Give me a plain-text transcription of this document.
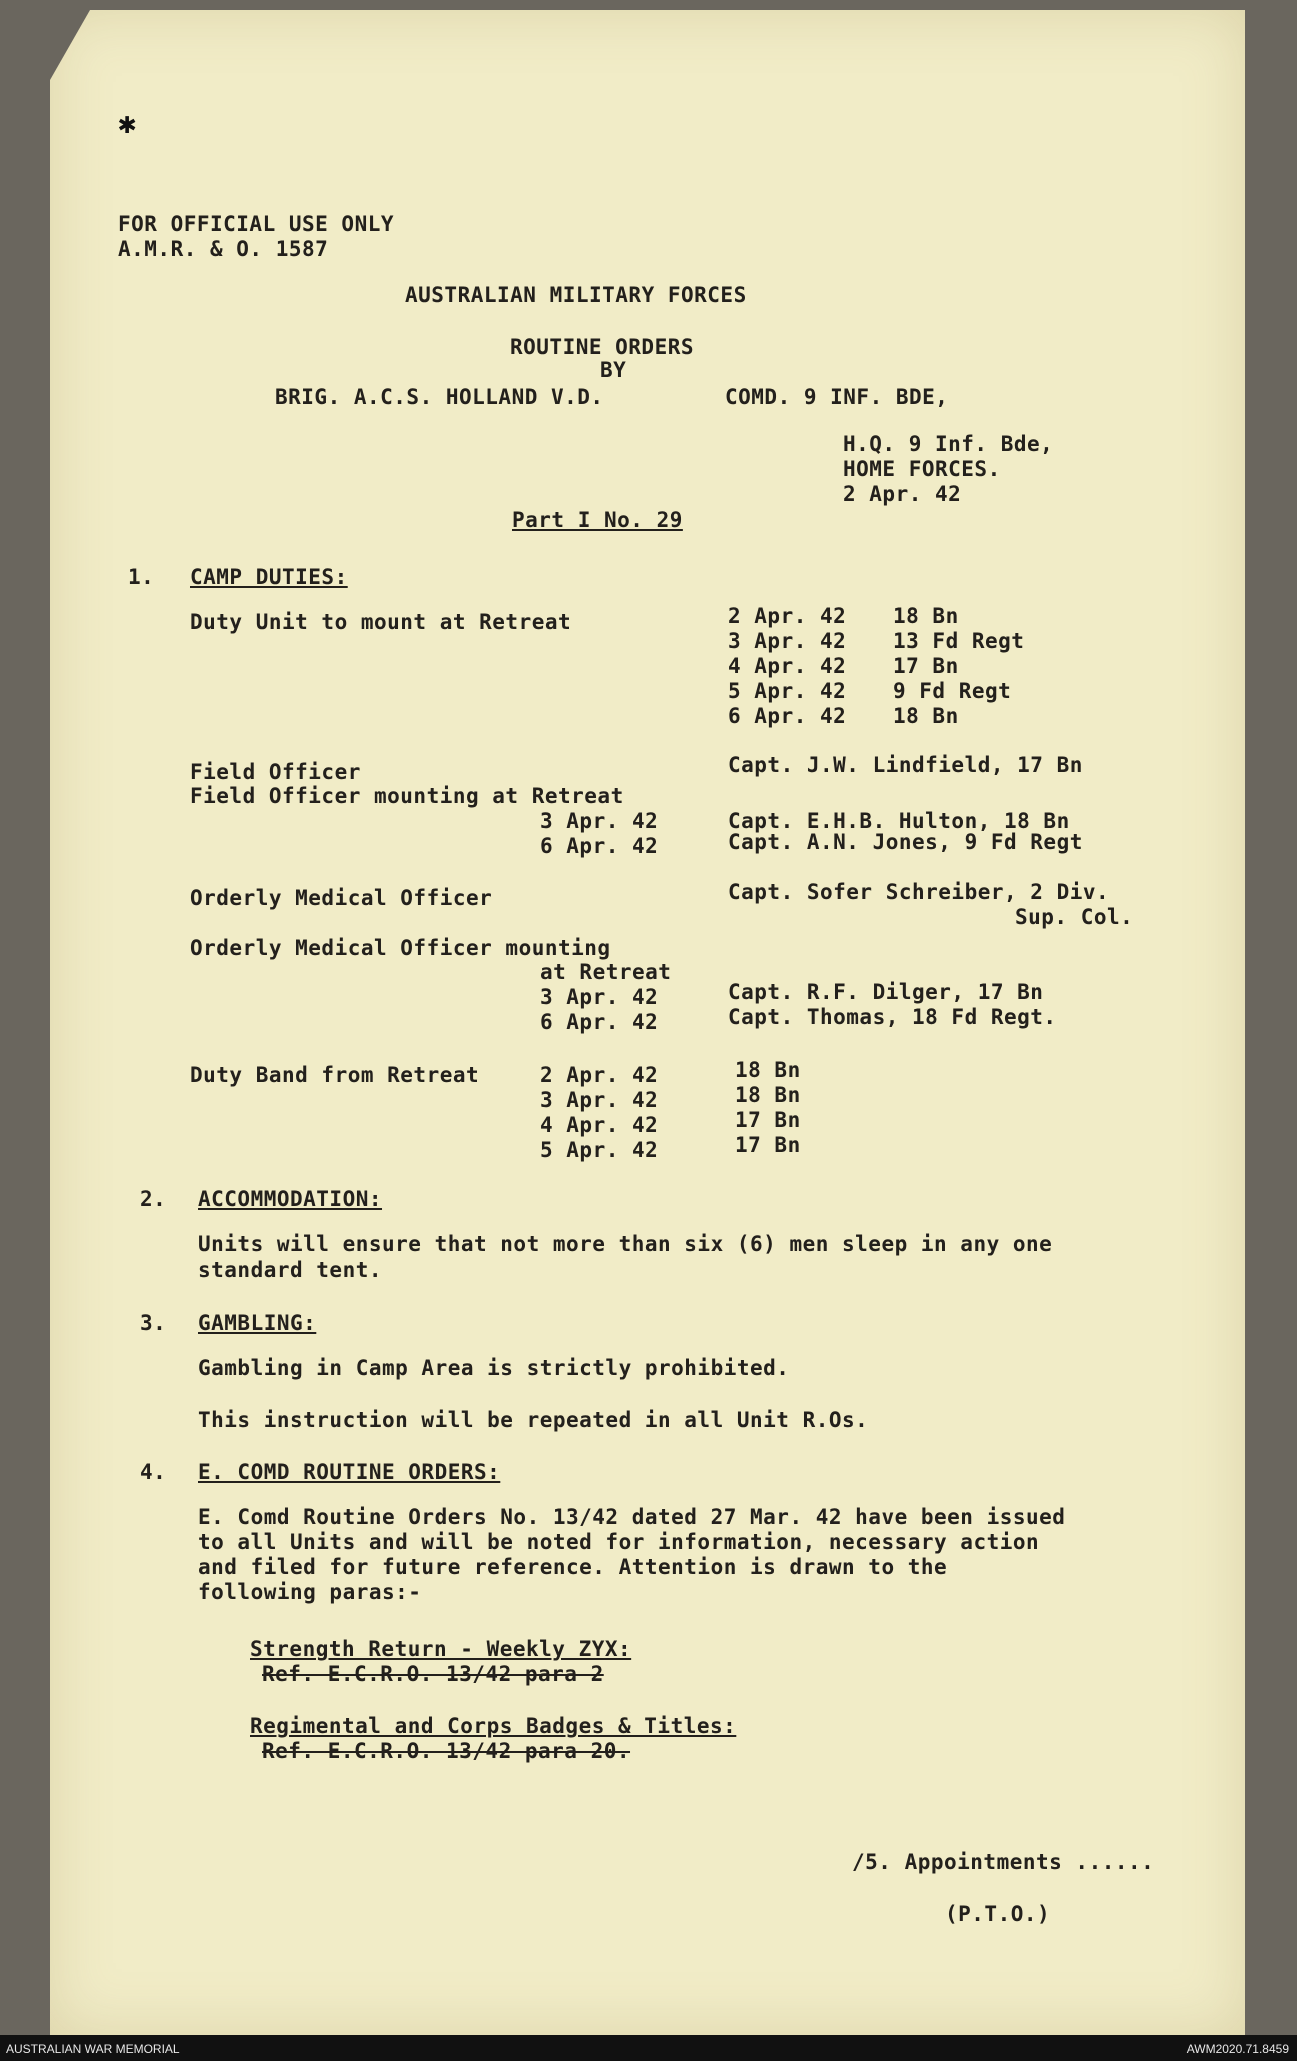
✱
FOR OFFICIAL USE ONLY
A.M.R. & O. 1587
AUSTRALIAN MILITARY FORCES
ROUTINE ORDERS
BY
BRIG. A.C.S. HOLLAND V.D.	COMD. 9 INF. BDE,
H.Q. 9 Inf. Bde,
HOME FORCES.
2 Apr. 42
Part I No. 29
1. CAMP DUTIES:
Duty Unit to mount at Retreat	2 Apr. 42 18 Bn
3 Apr. 42 13 Fd Regt
4 Apr. 42 17 Bn
5 Apr. 42 9 Fd Regt
6 Apr. 42 18 Bn
Field Officer	Capt. J.W. Lindfield, 17 Bn
Field Officer mounting at Retreat
3 Apr. 42	Capt. E.H.B. Hulton, 18 Bn
6 Apr. 42	Capt. A.N. Jones, 9 Fd Regt
Orderly Medical Officer	Capt. Sofer Schreiber, 2 Div.
Sup. Col.
Orderly Medical Officer mounting
at Retreat
3 Apr. 42	Capt. R.F. Dilger, 17 Bn
6 Apr. 42	Capt. Thomas, 18 Fd Regt.
Duty Band from Retreat	2 Apr. 42	18 Bn
3 Apr. 42	18 Bn
4 Apr. 42	17 Bn
5 Apr. 42	17 Bn
2. ACCOMMODATION:
Units will ensure that not more than six (6) men sleep in any one
standard tent.
3. GAMBLING:
Gambling in Camp Area is strictly prohibited.
This instruction will be repeated in all Unit R.Os.
4. E. COMD ROUTINE ORDERS:
E. Comd Routine Orders No. 13/42 dated 27 Mar. 42 have been issued
to all Units and will be noted for information, necessary action
and filed for future reference. Attention is drawn to the
following paras:-
Strength Return - Weekly ZYX:
Ref. E.C.R.O. 13/42 para 2
Regimental and Corps Badges & Titles:
Ref. E.C.R.O. 13/42 para 20.
/5. Appointments ......
(P.T.O.)
AUSTRALIAN WAR MEMORIAL	AWM2020.71.8459
